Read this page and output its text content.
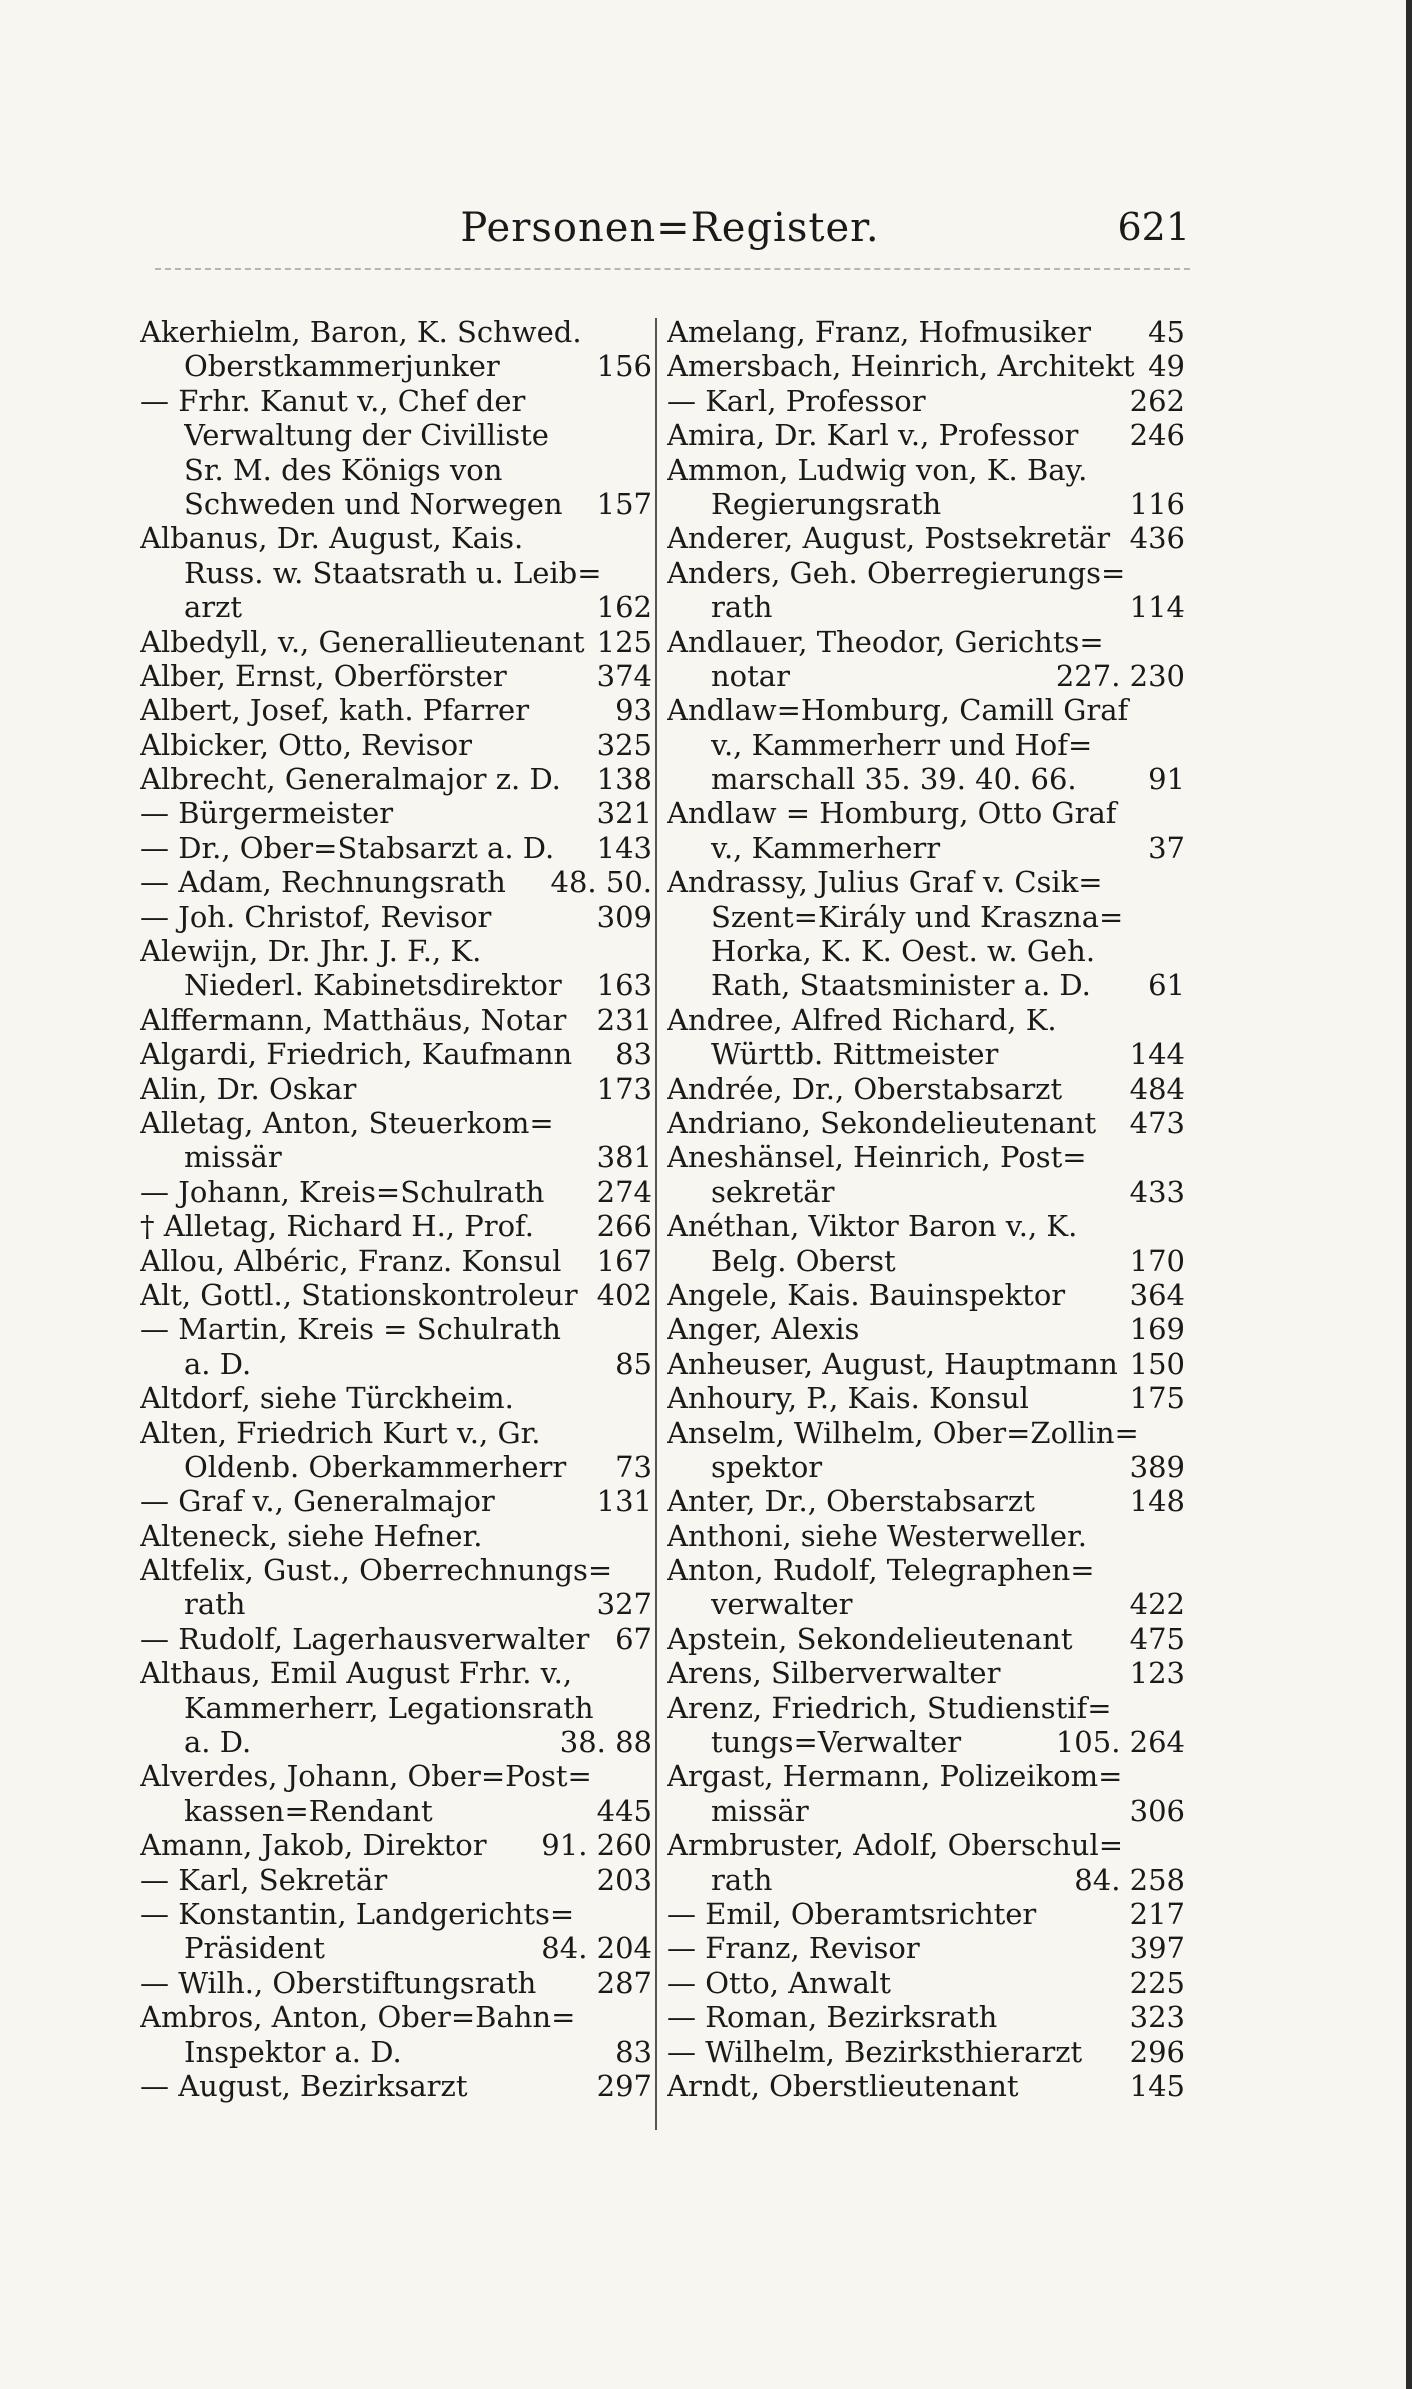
Personen=Register.	621
Akerhielm, Baron, K. Schwed.
Oberstkammerjunker	156
— Frhr. Kanut v., Chef der
Verwaltung der Civilliste
Sr. M. des Königs von
Schweden und Norwegen	157
Albanus, Dr. August, Kais.
Russ. w. Staatsrath u. Leib=
arzt	162
Albedyll, v., Generallieutenant 125
Alber, Ernst, Oberförster	374
Albert, Josef, kath. Pfarrer	93
Albicker, Otto, Revisor	325
Albrecht, Generalmajor z. D.	138
— Bürgermeister	321
— Dr., Ober=Stabsarzt a. D.	143
— Adam, Rechnungsrath	48. 50.
— Joh. Christof, Revisor	309
Alewijn, Dr. Jhr. J. F., K.
Niederl. Kabinetsdirektor	163
Alffermann, Matthäus, Notar	231
Algardi, Friedrich, Kaufmann	83
Alin, Dr. Oskar	173
Alletag, Anton, Steuerkom=
missär	381
— Johann, Kreis=Schulrath	274
† Alletag, Richard H., Prof.	266
Allou, Albéric, Franz. Konsul	167
Alt, Gottl., Stationskontroleur 402
— Martin, Kreis = Schulrath
a. D.	85
Altdorf, siehe Türckheim.
Alten, Friedrich Kurt v., Gr.
Oldenb. Oberkammerherr	73
— Graf v., Generalmajor	131
Alteneck, siehe Hefner.
Altfelix, Gust., Oberrechnungs=
rath	327
— Rudolf, Lagerhausverwalter 67
Althaus, Emil August Frhr. v.,
Kammerherr, Legationsrath
a. D.	38. 88
Alverdes, Johann, Ober=Post=
kassen=Rendant	445
Amann, Jakob, Direktor	91. 260
— Karl, Sekretär	203
— Konstantin, Landgerichts=
Präsident	84. 204
— Wilh., Oberstiftungsrath	287
Ambros, Anton, Ober=Bahn=
Inspektor a. D.	83
— August, Bezirksarzt	297
Amelang, Franz, Hofmusiker	45
Amersbach, Heinrich, Architekt 49
— Karl, Professor	262
Amira, Dr. Karl v., Professor	246
Ammon, Ludwig von, K. Bay.
Regierungsrath	116
Anderer, August, Postsekretär 436
Anders, Geh. Oberregierungs=
rath	114
Andlauer, Theodor, Gerichts=
notar	227. 230
Andlaw=Homburg, Camill Graf
v., Kammerherr und Hof=
marschall 35. 39. 40. 66.	91
Andlaw = Homburg, Otto Graf
v., Kammerherr	37
Andrassy, Julius Graf v. Csik=
Szent=Király und Kraszna=
Horka, K. K. Oest. w. Geh.
Rath, Staatsminister a. D.	61
Andree, Alfred Richard, K.
Württb. Rittmeister	144
Andrée, Dr., Oberstabsarzt	484
Andriano, Sekondelieutenant	473
Aneshänsel, Heinrich, Post=
sekretär	433
Anéthan, Viktor Baron v., K.
Belg. Oberst	170
Angele, Kais. Bauinspektor	364
Anger, Alexis	169
Anheuser, August, Hauptmann 150
Anhoury, P., Kais. Konsul	175
Anselm, Wilhelm, Ober=Zollin=
spektor	389
Anter, Dr., Oberstabsarzt	148
Anthoni, siehe Westerweller.
Anton, Rudolf, Telegraphen=
verwalter	422
Apstein, Sekondelieutenant	475
Arens, Silberverwalter	123
Arenz, Friedrich, Studienstif=
tungs=Verwalter	105. 264
Argast, Hermann, Polizeikom=
missär	306
Armbruster, Adolf, Oberschul=
rath	84. 258
— Emil, Oberamtsrichter	217
— Franz, Revisor	397
— Otto, Anwalt	225
— Roman, Bezirksrath	323
— Wilhelm, Bezirksthierarzt	296
Arndt, Oberstlieutenant	145
